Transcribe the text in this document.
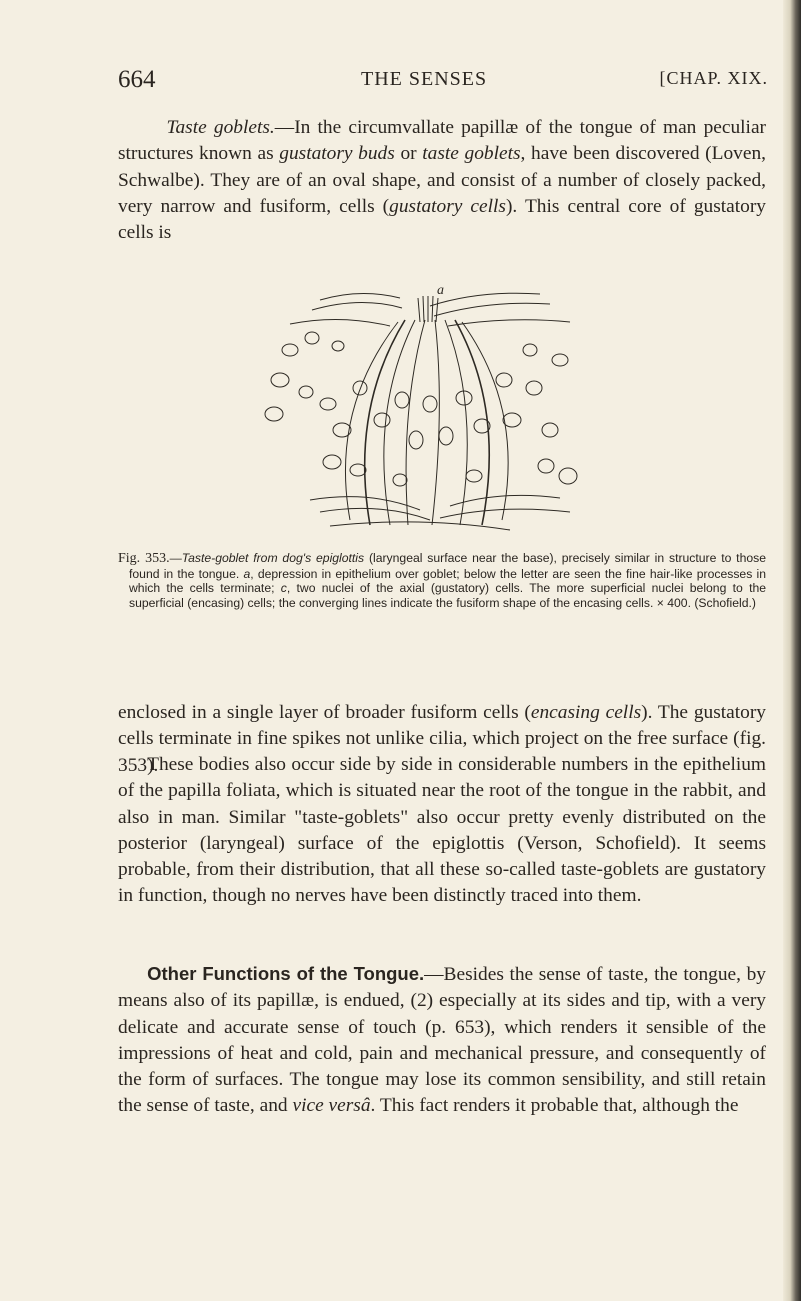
664	THE SENSES	[CHAP. XIX.

   Taste goblets.—In the circumvallate papillæ of the tongue of man peculiar structures known as gustatory buds or taste goblets, have been discovered (Loven, Schwalbe). They are of an oval shape, and consist of a number of closely packed, very narrow and fusiform, cells (gustatory cells). This central core of gustatory cells is

a
Fig. 353.—Taste-goblet from dog's epiglottis (laryngeal surface near the base), precisely similar in structure to those found in the tongue. a, depression in epithelium over goblet; below the letter are seen the fine hair-like processes in which the cells terminate; c, two nuclei of the axial (gustatory) cells. The more superficial nuclei belong to the superficial (encasing) cells; the converging lines indicate the fusiform shape of the encasing cells. × 400. (Schofield.)

enclosed in a single layer of broader fusiform cells (encasing cells). The gustatory cells terminate in fine spikes not unlike cilia, which project on the free surface (fig. 353).

  These bodies also occur side by side in considerable numbers in the epithelium of the papilla foliata, which is situated near the root of the tongue in the rabbit, and also in man. Similar "taste-goblets" also occur pretty evenly distributed on the posterior (laryngeal) surface of the epiglottis (Verson, Schofield). It seems probable, from their distribution, that all these so-called taste-goblets are gustatory in function, though no nerves have been distinctly traced into them.

  Other Functions of the Tongue.—Besides the sense of taste, the tongue, by means also of its papillæ, is endued, (2) especially at its sides and tip, with a very delicate and accurate sense of touch (p. 653), which renders it sensible of the impressions of heat and cold, pain and mechanical pressure, and consequently of the form of surfaces. The tongue may lose its common sensibility, and still retain the sense of taste, and vice versâ. This fact renders it probable that, although the
